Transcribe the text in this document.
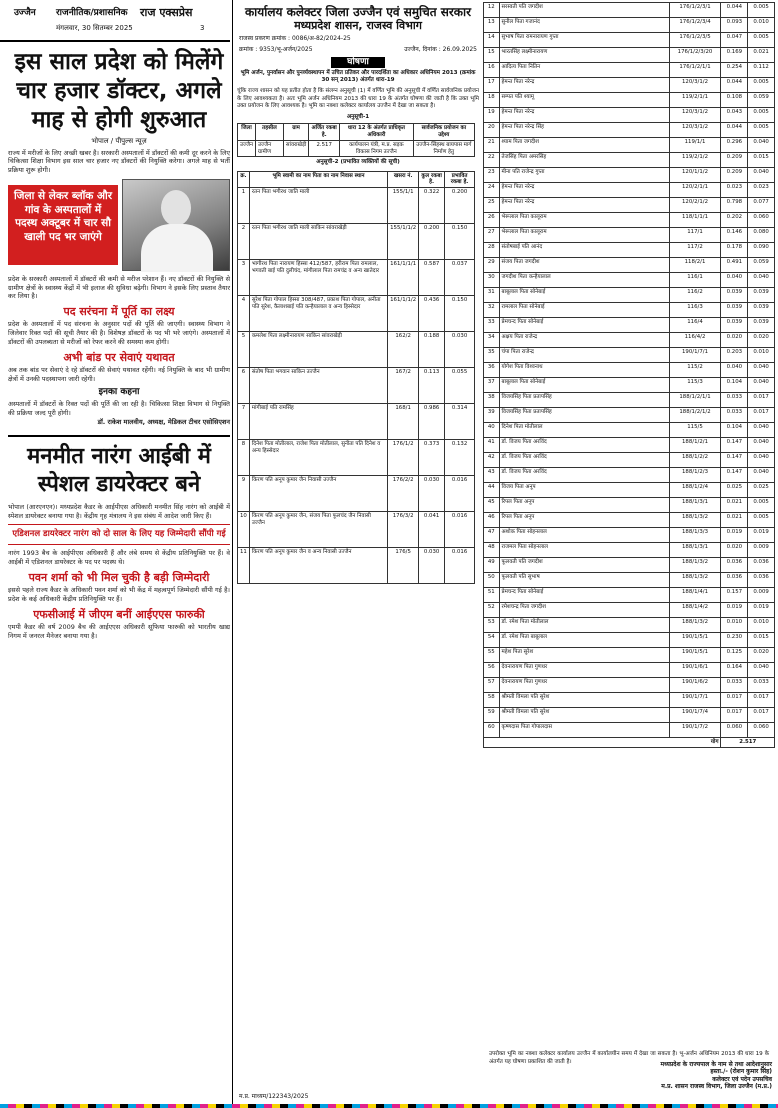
उज्जैन राजनीतिक/प्रशासनिक राज एक्सप्रेस
मंगलवार, 30 सितम्बर 2025	3
इस साल प्रदेश को मिलेंगे चार हजार डॉक्टर, अगले माह से होगी शुरुआत
भोपाल / पीपुल्स न्यूज़
राज्य में मरीजों के लिए अच्छी खबर है। सरकारी अस्पतालों में डॉक्टरों की कमी दूर करने के लिए चिकित्सा शिक्षा विभाग इस साल चार हजार नए डॉक्टरों की नियुक्ति करेगा। अगले माह से भर्ती प्रक्रिया शुरू होगी।
जिला से लेकर ब्लॉक और गांव के अस्पतालों में पदस्थ अक्टूबर में चार सौ खाली पद भर जाएंगे
प्रदेश के सरकारी अस्पतालों में डॉक्टरों की कमी से मरीज परेशान हैं। नए डॉक्टरों की नियुक्ति से ग्रामीण क्षेत्रों के स्वास्थ्य केंद्रों में भी इलाज की सुविधा बढ़ेगी। विभाग ने इसके लिए प्रस्ताव तैयार कर लिया है।
पद सरंचना में पूर्ति का लक्ष्य
प्रदेश के अस्पतालों में पद संरचना के अनुसार पदों की पूर्ति की जाएगी। स्वास्थ्य विभाग ने जिलेवार रिक्त पदों की सूची तैयार की है। विशेषज्ञ डॉक्टरों के पद भी भरे जाएंगे। अस्पतालों में डॉक्टरों की उपलब्धता से मरीजों को रेफर करने की समस्या कम होगी।
अभी बांड पर सेवाएं यथावत
अब तक बांड पर सेवाएं दे रहे डॉक्टरों की सेवाएं यथावत रहेंगी। नई नियुक्ति के बाद भी ग्रामीण क्षेत्रों में उनकी पदस्थापना जारी रहेगी।
इनका कहना
अस्पतालों में डॉक्टरों के रिक्त पदों की पूर्ति की जा रही है। चिकित्सा शिक्षा विभाग से नियुक्ति की प्रक्रिया जल्द पूरी होगी।
डॉ. राकेश मालवीय, अध्यक्ष, मेडिकल टीचर एसोसिएशन
मनमीत नारंग आईबी में स्पेशल डायरेक्टर बने
भोपाल (आरएनएन)। मध्यप्रदेश कैडर के आईपीएस अधिकारी मनमीत सिंह नारंग को आईबी में स्पेशल डायरेक्टर बनाया गया है। केंद्रीय गृह मंत्रालय ने इस संबंध में आदेश जारी किए हैं।
एडिशनल डायरेक्टर नारंग को दो साल के लिए यह जिम्मेदारी सौंपी गई
नारंग 1993 बैच के आईपीएस अधिकारी हैं और लंबे समय से केंद्रीय प्रतिनियुक्ति पर हैं। वे आईबी में एडिशनल डायरेक्टर के पद पर पदस्थ थे।
पवन शर्मा को भी मिल चुकी है बड़ी जिम्मेदारी
इससे पहले राज्य कैडर के अधिकारी पवन शर्मा को भी केंद्र में महत्वपूर्ण जिम्मेदारी सौंपी गई है। प्रदेश के कई अधिकारी केंद्रीय प्रतिनियुक्ति पर हैं।
एफसीआई में जीएम बनीं आईएएस फारुकी
एमपी कैडर की वर्ष 2009 बैच की आईएएस अधिकारी सूफिया फारुकी को भारतीय खाद्य निगम में जनरल मैनेजर बनाया गया है।
कार्यालय कलेक्टर जिला उज्जैन एवं समुचित सरकार
मध्यप्रदेश शासन, राजस्व विभाग
राजस्व प्रकरण क्रमांक : 0086/अ-82/2024-25
क्रमांक : 9353/भू-अर्जन/2025	उज्जैन, दिनांक : 26.09.2025
घोषणा
भूमि अर्जन, पुनर्वासन और पुनर्व्यवस्थापन में उचित प्रतिकर और पारदर्शिता का अधिकार अधिनियम 2013 (क्रमांक 30 सन् 2013) अंतर्गत धारा-19
चूंकि राज्य शासन को यह प्रतीत होता है कि संलग्न अनुसूची (1) में वर्णित भूमि की अनुसूची में वर्णित सार्वजनिक प्रयोजन के लिए आवश्यकता है। अतः भूमि अर्जन अधिनियम 2013 की धारा 19 के अंतर्गत घोषणा की जाती है कि उक्त भूमि उक्त प्रयोजन के लिए आवश्यक है। भूमि का नक्शा कलेक्टर कार्यालय उज्जैन में देखा जा सकता है।
अनुसूची-1
जिला	तहसील	ग्राम	अर्जित रकबा हे.	धारा 12 के अंतर्गत प्राधिकृत अधिकारी	सार्वजनिक प्रयोजन का उद्देश्य
उज्जैन	उज्जैन ग्रामीण	सांवराखेड़ी	2.517	कार्यपालन यंत्री, म.प्र. सड़क विकास निगम उज्जैन	उज्जैन-सिंहस्थ बायपास मार्ग निर्माण हेतु
अनुसूची-2 (प्रभावित व्यक्तियों की सूची)
क्र.	भूमि स्वामी का नाम पिता का नाम निवास स्थान	खसरा नं.	कुल रकबा हे.	प्रभावित रकबा हे.
1	रतन पिता भगीरथ जाति माली	155/1/1	0.322	0.200
2	रतन पिता भगीरथ जाति माली साकिन सांवराखेड़ी	155/1/1/2	0.200	0.150
3	भागीरथ पिता नारायण हिस्सा 412/587, हरीराम पिता रामलाल, भगवती बाई पति दुलीचंद, मांगीलाल पिता रामचंद्र व अन्य खातेदार	161/1/1/1	0.587	0.037
4	सुरेश पिता गोपाल हिस्सा 308/487, प्रकाश पिता गोपाल, अनीता पति सुरेश, कैलाशबाई पति कन्हैयालाल व अन्य हिस्सेदार	161/1/1/2	0.436	0.150
5	कमलेश पिता लक्ष्मीनारायण साकिन सांवराखेड़ी	162/2	0.188	0.030
6	संतोष पिता भगवान साकिन उज्जैन	167/2	0.113	0.055
7	मांगीबाई पति रामसिंह	168/1	0.986	0.314
8	दिनेश पिता मोतीलाल, राजेश पिता मोतीलाल, सुनीता पति दिनेश व अन्य हिस्सेदार	176/1/2	0.373	0.132
9	किरण पति अनूप कुमार जैन निवासी उज्जैन	176/2/2	0.030	0.016
10	किरण पति अनूप कुमार जैन, संजय पिता फूलचंद जैन निवासी उज्जैन	176/3/2	0.041	0.016
11	किरण पति अनूप कुमार जैन व अन्य निवासी उज्जैन	176/5	0.030	0.016
12	सरस्वती पति जगदीश	176/1/2/3/1	0.044	0.005
13	सुनील पिता गजानंद	176/1/2/3/4	0.093	0.010
14	सुभाष पिता रामनारायण गुप्ता	176/1/2/3/5	0.047	0.005
15	भारतसिंह लक्ष्मीनारायण	176/1/2/3/20	0.169	0.021
16	आदित्य पिता नितिन	176/1/2/1/1	0.254	0.112
17	हेमन्त पिता नरेन्द्र	120/3/1/2	0.044	0.005
18	सम्पत पति श्यामू	119/2/1/1	0.108	0.059
19	हेमन्त पिता नरेन्द्र	120/3/1/2	0.043	0.005
20	हेमन्त पिता नरेन्द्र सिंह	120/3/1/2	0.044	0.005
21	श्याम पिता जगदीश	119/1/1	0.296	0.040
22	तेजसिंह पिता अमरसिंह	119/2/1/2	0.209	0.015
23	मीना पति राजेन्द्र गुप्ता	120/1/1/2	0.209	0.040
24	हेमन्त पिता नरेन्द्र	120/2/1/1	0.023	0.023
25	हेमन्त पिता नरेन्द्र	120/2/1/2	0.798	0.077
26	भेरूलाल पिता कालूराम	118/1/1/1	0.202	0.060
27	भेरूलाल पिता कालूराम	117/1	0.146	0.080
28	संतोषबाई पति आनंद	117/2	0.178	0.090
29	संजय पिता जगदीश	118/2/1	0.491	0.059
30	जगदीश पिता कन्हैयालाल	116/1	0.040	0.040
31	बाबूलाल पिता सोनेबाई	116/2	0.039	0.039
32	रामलाल पिता सोनेबाई	116/3	0.039	0.039
33	प्रेमचन्द पिता सोनेबाई	116/4	0.039	0.039
34	अक्षय पिता राजेन्द्र	116/4/2	0.020	0.020
35	चंपा पिता राजेन्द्र	190/1/7/1	0.203	0.010
36	योगेश पिता विश्वनाथ	115/2	0.040	0.040
37	बाबूलाल पिता सोनेबाई	115/3	0.104	0.040
38	विजयसिंह पिता प्रतापसिंह	188/1/2/1/1	0.033	0.017
39	विजयसिंह पिता प्रतापसिंह	188/1/2/1/2	0.033	0.017
40	दिनेश पिता मोतीलाल	115/5	0.104	0.040
41	डॉ. विजय पिता अरविंद	188/1/2/1	0.147	0.040
42	डॉ. विजय पिता अरविंद	188/1/2/2	0.147	0.040
43	डॉ. विजय पिता अरविंद	188/1/2/3	0.147	0.040
44	विजय पिता अनूप	188/1/2/4	0.025	0.025
45	रिपल पिता अनूप	188/1/3/1	0.021	0.005
46	रिपल पिता अनूप	188/1/3/2	0.021	0.005
47	अशोक पिता सोहनलाल	188/1/3/3	0.019	0.019
48	राजमल पिता सोहनलाल	188/1/3/1	0.020	0.009
49	फूलवती पति जगदीश	188/1/3/2	0.036	0.036
50	फूलवती पति सुभाष	188/1/3/2	0.036	0.036
51	प्रेमचन्द पिता सोनेबाई	188/1/4/1	0.157	0.009
52	रमेशचन्द्र पिता जगदीश	188/1/4/2	0.019	0.019
53	डॉ. रमेश पिता मोतीलाल	188/1/3/2	0.010	0.010
54	डॉ. रमेश पिता बाबूलाल	190/1/5/1	0.230	0.015
55	महेश पिता सुरेश	190/1/5/1	0.125	0.020
56	देवनारायण पिता गुणधर	190/1/6/1	0.164	0.040
57	देवनारायण पिता गुणधर	190/1/6/2	0.033	0.033
58	श्रीमती विमला पति सुरेश	190/1/7/1	0.017	0.017
59	श्रीमती विमला पति सुरेश	190/1/7/4	0.017	0.017
60	कृष्णदास पिता गोपालदास	190/1/7/2	0.060	0.060
योग			2.517	
उपरोक्त भूमि का नक्शा कलेक्टर कार्यालय उज्जैन में कार्यालयीन समय में देखा जा सकता है। भू-अर्जन अधिनियम 2013 की धारा 19 के अंतर्गत यह घोषणा प्रकाशित की जाती है।	मध्यप्रदेश के राज्यपाल के नाम से तथा आदेशानुसार
हस्ता./- (रोशन कुमार सिंह)
कलेक्टर एवं पदेन उपसचिव
म.प्र. शासन राजस्व विभाग, जिला उज्जैन (म.प्र.)
म.प्र. माध्यम/122343/2025
